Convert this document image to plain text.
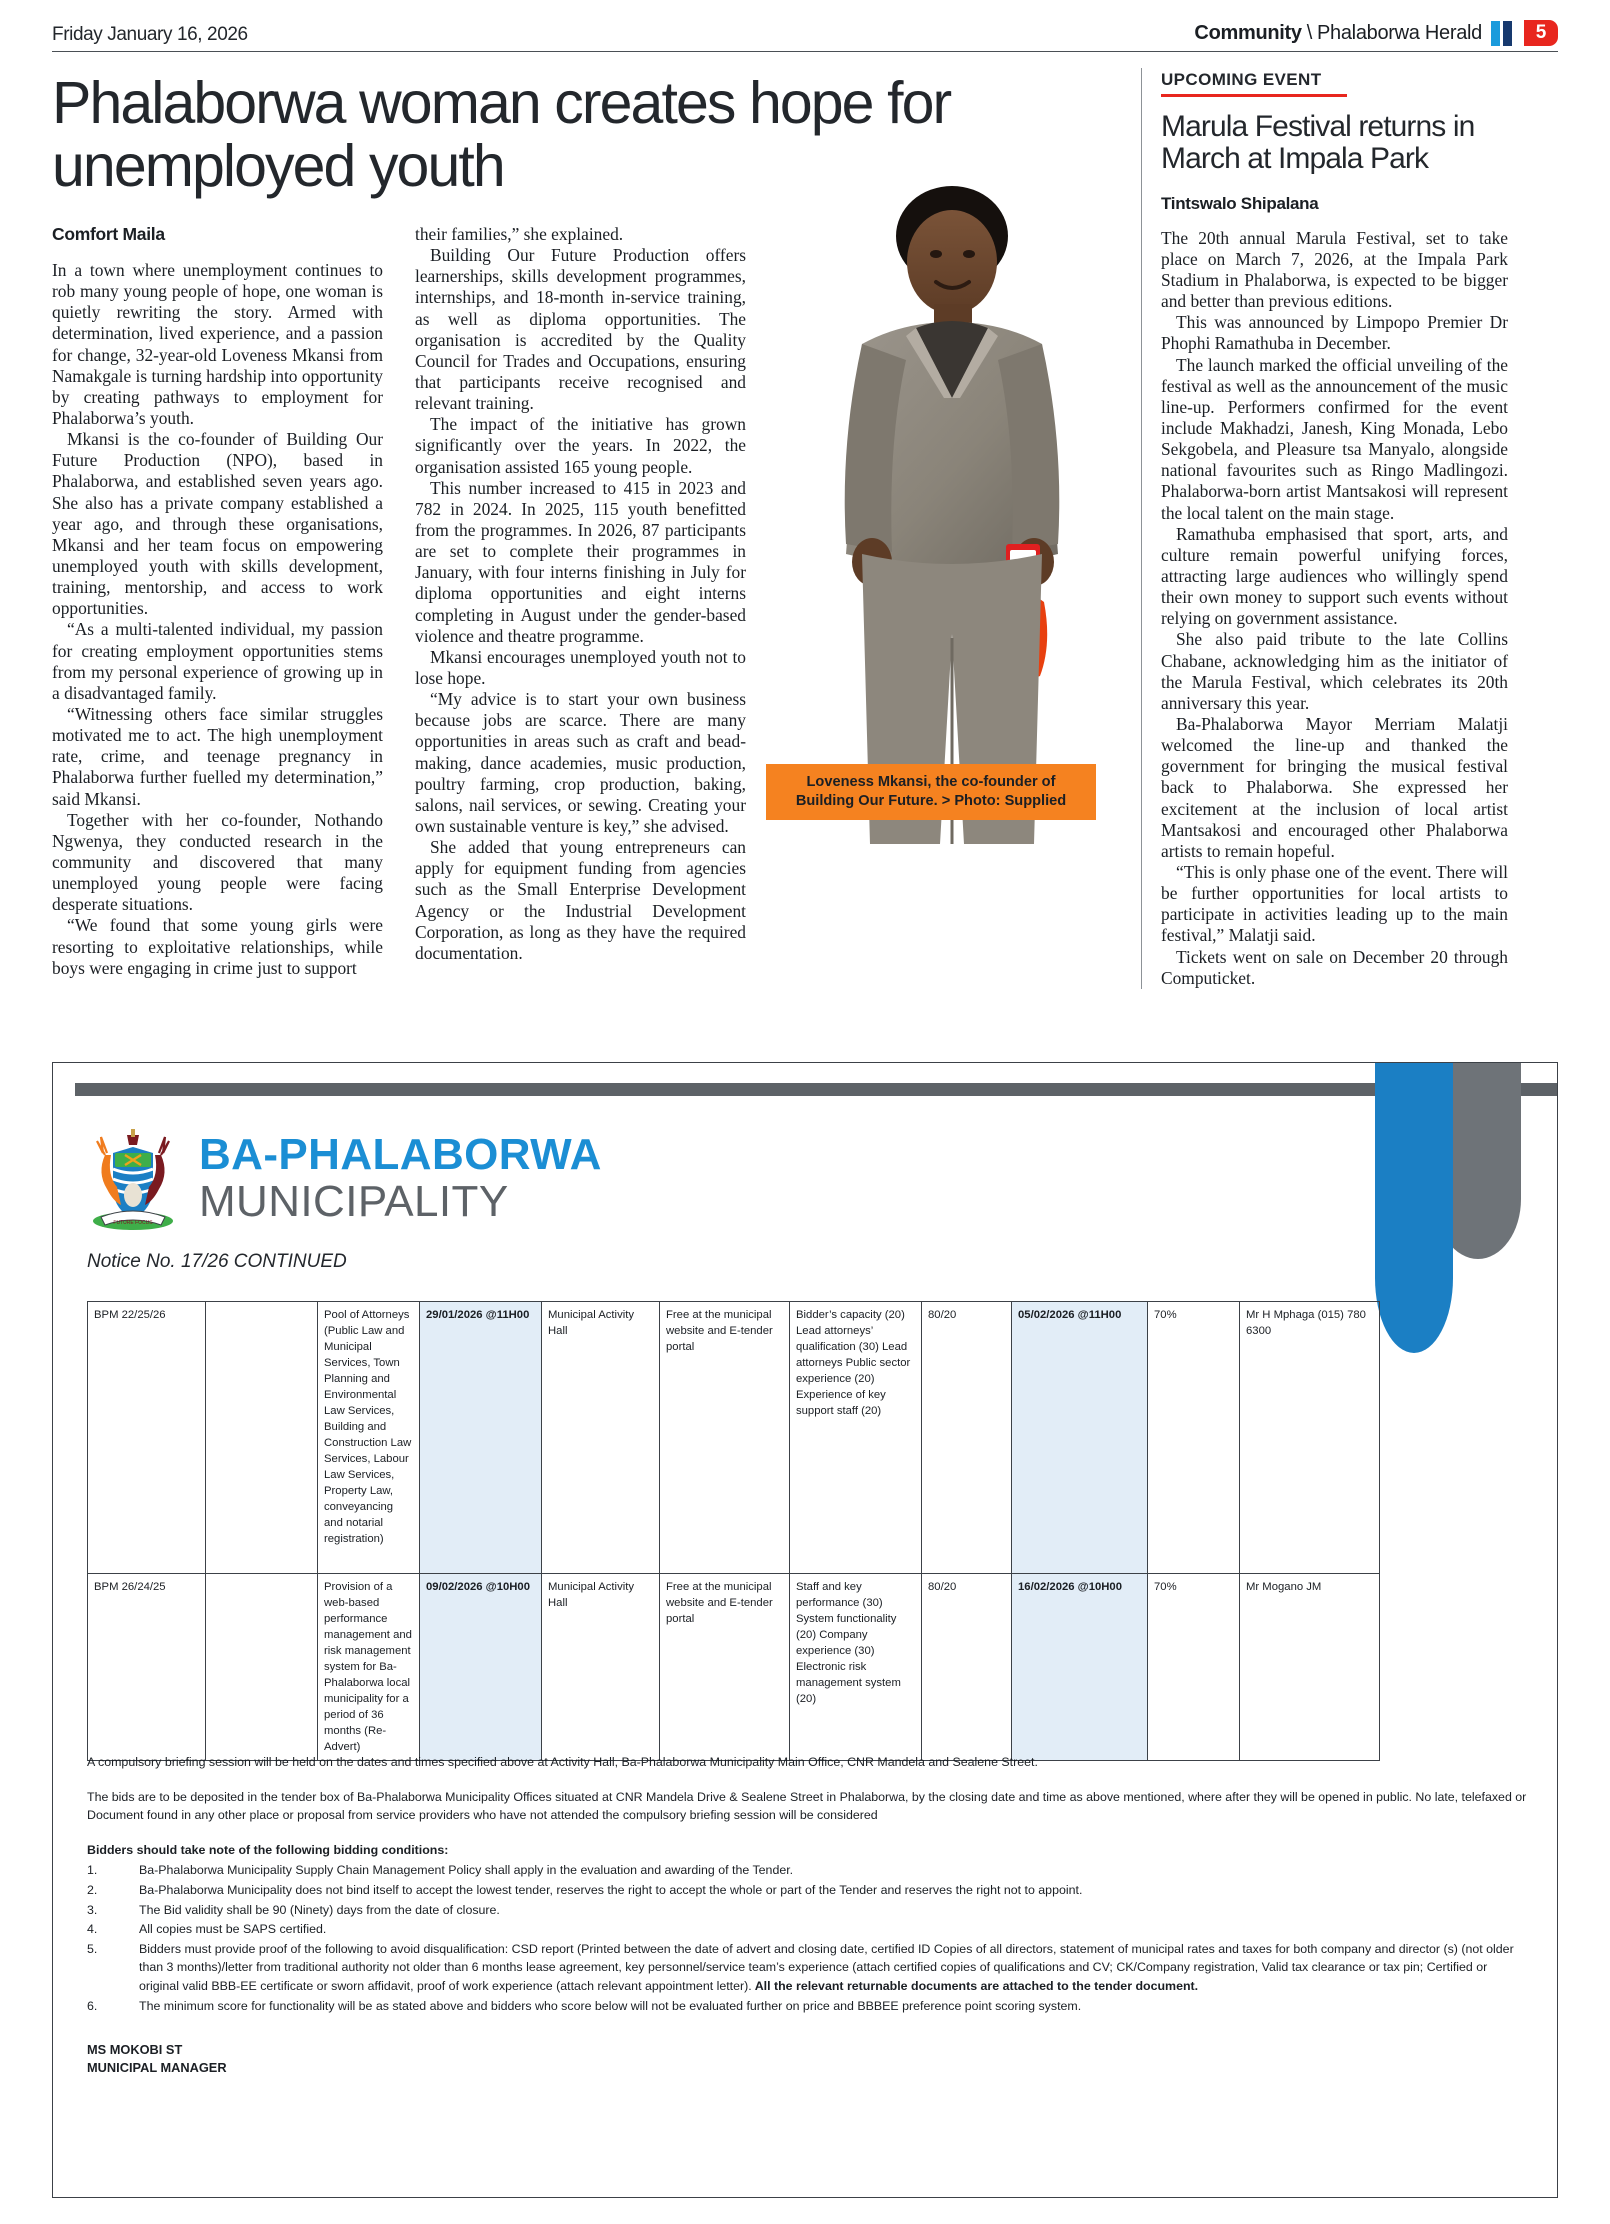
Friday January 16, 2026	Community \ Phalaborwa Herald	5
Phalaborwa woman creates hope for unemployed youth
Comfort Maila

In a town where unemployment continues to rob many young people of hope, one woman is quietly rewriting the story. Armed with determination, lived experience, and a passion for change, 32-year-old Loveness Mkansi from Namakgale is turning hardship into opportunity by creating pathways to employment for Phalaborwa’s youth.

Mkansi is the co-founder of Building Our Future Production (NPO), based in Phalaborwa, and established seven years ago. She also has a private company established a year ago, and through these organisations, Mkansi and her team focus on empowering unemployed youth with skills development, training, mentorship, and access to work opportunities.

“As a multi-talented individual, my passion for creating employment opportunities stems from my personal experience of growing up in a disadvantaged family.

“Witnessing others face similar struggles motivated me to act. The high unemployment rate, crime, and teenage pregnancy in Phalaborwa further fuelled my determination,” said Mkansi.

Together with her co-founder, Nothando Ngwenya, they conducted research in the community and discovered that many unemployed young people were facing desperate situations.

“We found that some young girls were resorting to exploitative relationships, while boys were engaging in crime just to support

their families,” she explained.

Building Our Future Production offers learnerships, skills development programmes, internships, and 18-month in-service training, as well as diploma opportunities. The organisation is accredited by the Quality Council for Trades and Occupations, ensuring that participants receive recognised and relevant training.

The impact of the initiative has grown significantly over the years. In 2022, the organisation assisted 165 young people.

This number increased to 415 in 2023 and 782 in 2024. In 2025, 115 youth benefitted from the programmes. In 2026, 87 participants are set to complete their programmes in January, with four interns finishing in July for diploma opportunities and eight interns completing in August under the gender-based violence and theatre programme.

Mkansi encourages unemployed youth not to lose hope.

“My advice is to start your own business because jobs are scarce. There are many opportunities in areas such as craft and bead-making, dance academies, music production, poultry farming, crop production, baking, salons, nail services, or sewing. Creating your own sustainable venture is key,” she advised.

She added that young entrepreneurs can apply for equipment funding from agencies such as the Small Enterprise Development Agency or the Industrial Development Corporation, as long as they have the required documentation.

Loveness Mkansi, the co-founder of Building Our Future. > Photo: Supplied
UPCOMING EVENT
Marula Festival returns in March at Impala Park
Tintswalo Shipalana

The 20th annual Marula Festival, set to take place on March 7, 2026, at the Impala Park Stadium in Phalaborwa, is expected to be bigger and better than previous editions.

This was announced by Limpopo Premier Dr Phophi Ramathuba in December.

The launch marked the official unveiling of the festival as well as the announcement of the music line-up. Performers confirmed for the event include Makhadzi, Janesh, King Monada, Lebo Sekgobela, and Pleasure tsa Manyalo, alongside national favourites such as Ringo Madlingozi. Phalaborwa-born artist Mantsakosi will represent the local talent on the main stage.

Ramathuba emphasised that sport, arts, and culture remain powerful unifying forces, attracting large audiences who willingly spend their own money to support such events without relying on government assistance.

She also paid tribute to the late Collins Chabane, acknowledging him as the initiator of the Marula Festival, which celebrates its 20th anniversary this year.

Ba-Phalaborwa Mayor Merriam Malatji welcomed the line-up and thanked the government for bringing the musical festival back to Phalaborwa. She expressed her excitement at the inclusion of local artist Mantsakosi and encouraged other Phalaborwa artists to remain hopeful.

“This is only phase one of the event. There will be further opportunities for local artists to participate in activities leading up to the main festival,” Malatji said.

Tickets went on sale on December 20 through Computicket.

FUTURE FOCUS
BA-PHALABORWA
MUNICIPALITY
Notice No. 17/26 CONTINUED
BPM 22/25/26		Pool of Attorneys (Public Law and Municipal Services, Town Planning and Environmental Law Services, Building and Construction Law Services, Labour Law Services, Property Law, conveyancing and notarial registration)	29/01/2026 @11H00	Municipal Activity Hall	Free at the municipal website and E-tender portal	Bidder’s capacity (20) Lead attorneys’ qualification (30) Lead attorneys Public sector experience (20) Experience of key support staff (20)	80/20	05/02/2026 @11H00	70%	Mr H Mphaga (015) 780 6300
BPM 26/24/25		Provision of a web-based performance management and risk management system for Ba-Phalaborwa local municipality for a period of 36 months (Re-Advert)	09/02/2026 @10H00	Municipal Activity Hall	Free at the municipal website and E-tender portal	Staff and key performance (30) System functionality (20) Company experience (30) Electronic risk management system (20)	80/20	16/02/2026 @10H00	70%	Mr Mogano JM
A compulsory briefing session will be held on the dates and times specified above at Activity Hall, Ba-Phalaborwa Municipality Main Office, CNR Mandela and Sealene Street.
The bids are to be deposited in the tender box of Ba-Phalaborwa Municipality Offices situated at CNR Mandela Drive & Sealene Street in Phalaborwa, by the closing date and time as above mentioned, where after they will be opened in public. No late, telefaxed or Document found in any other place or proposal from service providers who have not attended the compulsory briefing session will be considered
Bidders should take note of the following bidding conditions:
1.	Ba-Phalaborwa Municipality Supply Chain Management Policy shall apply in the evaluation and awarding of the Tender.
2.	Ba-Phalaborwa Municipality does not bind itself to accept the lowest tender, reserves the right to accept the whole or part of the Tender and reserves the right not to appoint.
3.	The Bid validity shall be 90 (Ninety) days from the date of closure.
4.	All copies must be SAPS certified.
5.	Bidders must provide proof of the following to avoid disqualification: CSD report (Printed between the date of advert and closing date, certified ID Copies of all directors, statement of municipal rates and taxes for both company and director (s) (not older than 3 months)/letter from traditional authority not older than 6 months lease agreement, key personnel/service team’s experience (attach certified copies of qualifications and CV; CK/Company registration, Valid tax clearance or tax pin; Certified or original valid BBB-EE certificate or sworn affidavit, proof of work experience (attach relevant appointment letter). All the relevant returnable documents are attached to the tender document.
6.	The minimum score for functionality will be as stated above and bidders who score below will not be evaluated further on price and BBBEE preference point scoring system.
MS MOKOBI ST
MUNICIPAL MANAGER
